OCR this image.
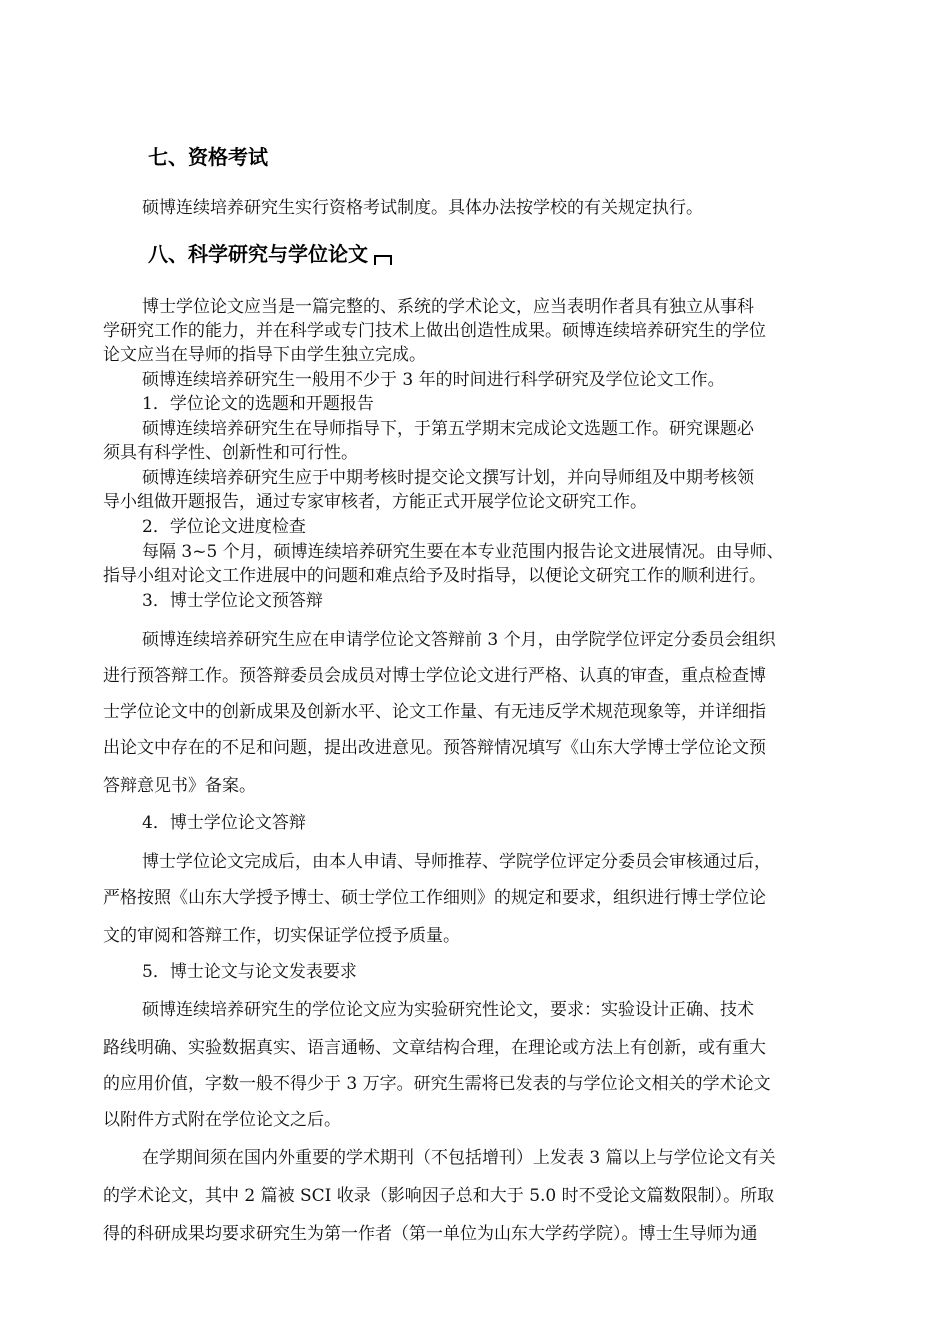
七、资格考试
硕博连续培养研究生实行资格考试制度。具体办法按学校的有关规定执行。
八、科学研究与学位论文
博士学位论文应当是一篇完整的、系统的学术论文，应当表明作者具有独立从事科
学研究工作的能力，并在科学或专门技术上做出创造性成果。硕博连续培养研究生的学位
论文应当在导师的指导下由学生独立完成。
硕博连续培养研究生一般用不少于 3 年的时间进行科学研究及学位论文工作。
1．学位论文的选题和开题报告
硕博连续培养研究生在导师指导下，于第五学期末完成论文选题工作。研究课题必
须具有科学性、创新性和可行性。
硕博连续培养研究生应于中期考核时提交论文撰写计划，并向导师组及中期考核领
导小组做开题报告，通过专家审核者，方能正式开展学位论文研究工作。
2．学位论文进度检查
每隔 3~5 个月，硕博连续培养研究生要在本专业范围内报告论文进展情况。由导师、
指导小组对论文工作进展中的问题和难点给予及时指导，以便论文研究工作的顺利进行。
3．博士学位论文预答辩
硕博连续培养研究生应在申请学位论文答辩前 3 个月，由学院学位评定分委员会组织
进行预答辩工作。预答辩委员会成员对博士学位论文进行严格、认真的审查，重点检查博
士学位论文中的创新成果及创新水平、论文工作量、有无违反学术规范现象等，并详细指
出论文中存在的不足和问题，提出改进意见。预答辩情况填写《山东大学博士学位论文预
答辩意见书》备案。
4．博士学位论文答辩
博士学位论文完成后，由本人申请、导师推荐、学院学位评定分委员会审核通过后，
严格按照《山东大学授予博士、硕士学位工作细则》的规定和要求，组织进行博士学位论
文的审阅和答辩工作，切实保证学位授予质量。
5．博士论文与论文发表要求
硕博连续培养研究生的学位论文应为实验研究性论文，要求：实验设计正确、技术
路线明确、实验数据真实、语言通畅、文章结构合理，在理论或方法上有创新，或有重大
的应用价值，字数一般不得少于 3 万字。研究生需将已发表的与学位论文相关的学术论文
以附件方式附在学位论文之后。
在学期间须在国内外重要的学术期刊（不包括增刊）上发表 3 篇以上与学位论文有关
的学术论文，其中 2 篇被 SCI 收录（影响因子总和大于 5.0 时不受论文篇数限制）。所取
得的科研成果均要求研究生为第一作者（第一单位为山东大学药学院）。博士生导师为通
